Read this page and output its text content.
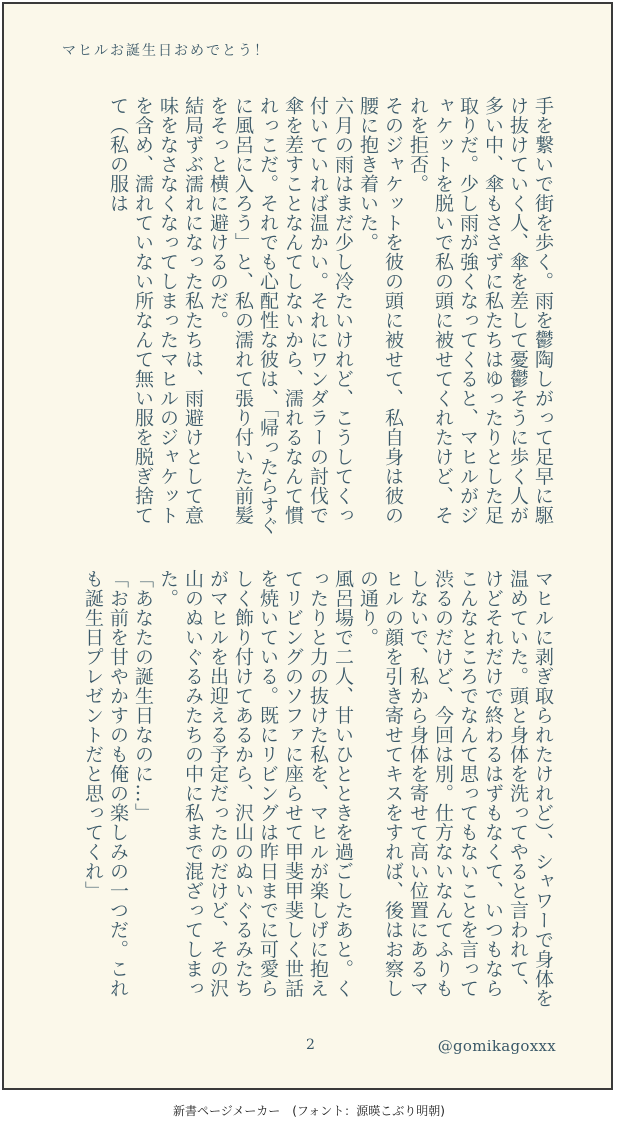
マヒルお誕生日おめでとう！

手を繋いで街を歩く。雨を鬱陶しがって足早に駆け抜けていく人、傘を差して憂鬱そうに歩く人が多い中、傘もささずに私たちはゆったりとした足取りだ。少し雨が強くなってくると、マヒルがジャケットを脱いで私の頭に被せてくれたけど、それを拒否。

そのジャケットを彼の頭に被せて、私自身は彼の腰に抱き着いた。

六月の雨はまだ少し冷たいけれど、こうしてくっ付いていれば温かい。それにワンダラーの討伐で傘を差すことなんてしないから、濡れるなんて慣れっこだ。それでも心配性な彼は、「帰ったらすぐに風呂に入ろう」と、私の濡れて張り付いた前髪をそっと横に避けるのだ。

結局ずぶ濡れになった私たちは、雨避けとして意味をなさなくなってしまったマヒルのジャケットを含め、濡れていない所なんて無い服を脱ぎ捨てて（私の服は

マヒルに剥ぎ取られたけれど）、シャワーで身体を温めていた。頭と身体を洗ってやると言われて、けどそれだけで終わるはずもなくて、いつもならこんなところでなんて思ってもないことを言って渋るのだけど、今回は別。仕方ないなんてふりもしないで、私から身体を寄せて高い位置にあるマヒルの顔を引き寄せてキスをすれば、後はお察しの通り。

風呂場で二人、甘いひとときを過ごしたあと。くったりと力の抜けた私を、マヒルが楽しげに抱えてリビングのソファに座らせて甲斐甲斐しく世話を焼いている。既にリビングは昨日までに可愛らしく飾り付けてあるから、沢山のぬいぐるみたちがマヒルを出迎える予定だったのだけど、その沢山のぬいぐるみたちの中に私まで混ざってしまった。

「あなたの誕生日なのに…」

「お前を甘やかすのも俺の楽しみの一つだ。これも誕生日プレゼントだと思ってくれ」

2	@gomikagoxxx
新書ページメーカー　(フォント：源暎こぶり明朝)
